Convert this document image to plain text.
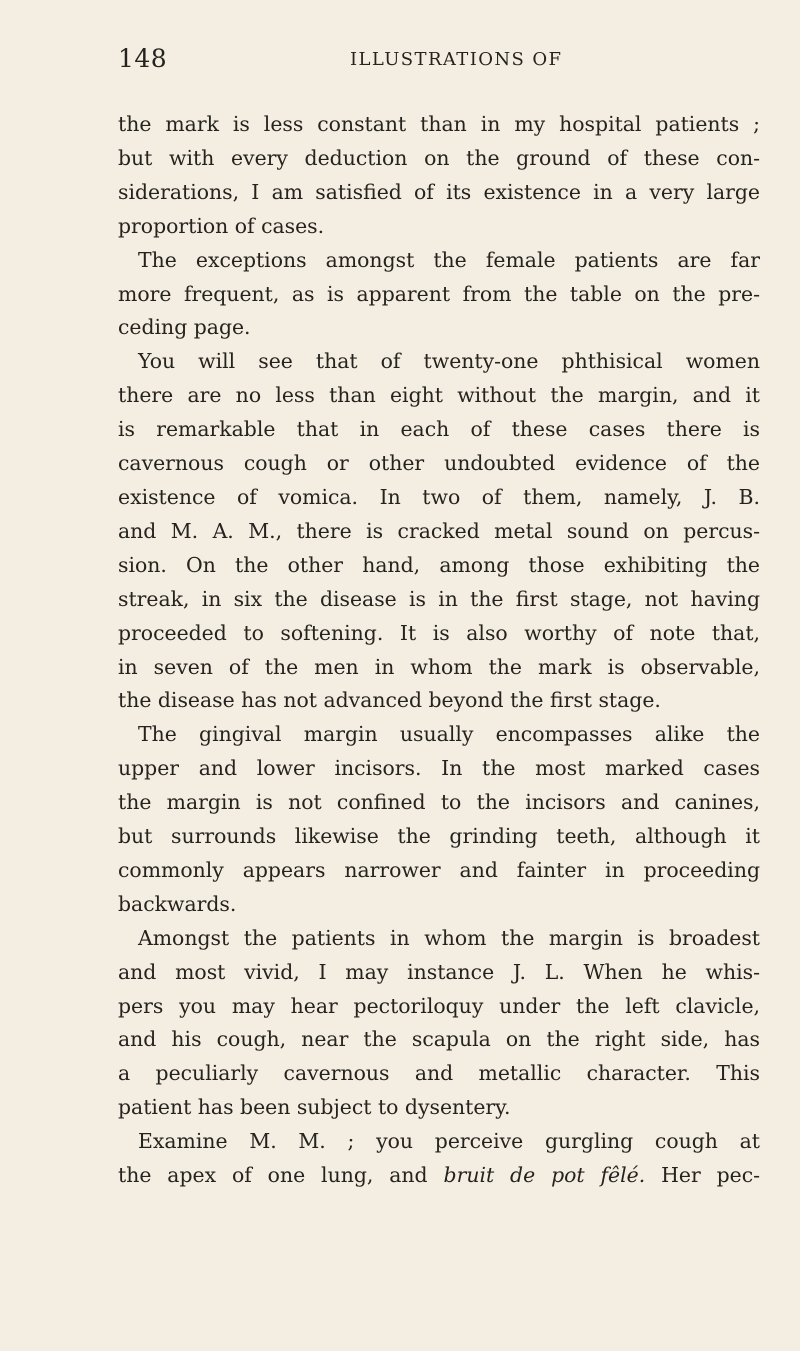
148	ILLUSTRATIONS OF
the mark is less constant than in my hospital patients ;
but with every deduction on the ground of these con-
siderations, I am satisfied of its existence in a very large
proportion of cases.
The exceptions amongst the female patients are far
more frequent, as is apparent from the table on the pre-
ceding page.
You will see that of twenty-one phthisical women
there are no less than eight without the margin, and it
is remarkable that in each of these cases there is
cavernous cough or other undoubted evidence of the
existence of vomica. In two of them, namely, J. B.
and M. A. M., there is cracked metal sound on percus-
sion. On the other hand, among those exhibiting the
streak, in six the disease is in the first stage, not having
proceeded to softening. It is also worthy of note that,
in seven of the men in whom the mark is observable,
the disease has not advanced beyond the first stage.
The gingival margin usually encompasses alike the
upper and lower incisors. In the most marked cases
the margin is not confined to the incisors and canines,
but surrounds likewise the grinding teeth, although it
commonly appears narrower and fainter in proceeding
backwards.
Amongst the patients in whom the margin is broadest
and most vivid, I may instance J. L. When he whis-
pers you may hear pectoriloquy under the left clavicle,
and his cough, near the scapula on the right side, has
a peculiarly cavernous and metallic character. This
patient has been subject to dysentery.
Examine M. M. ; you perceive gurgling cough at
the apex of one lung, and bruit de pot fêlé. Her pec-
